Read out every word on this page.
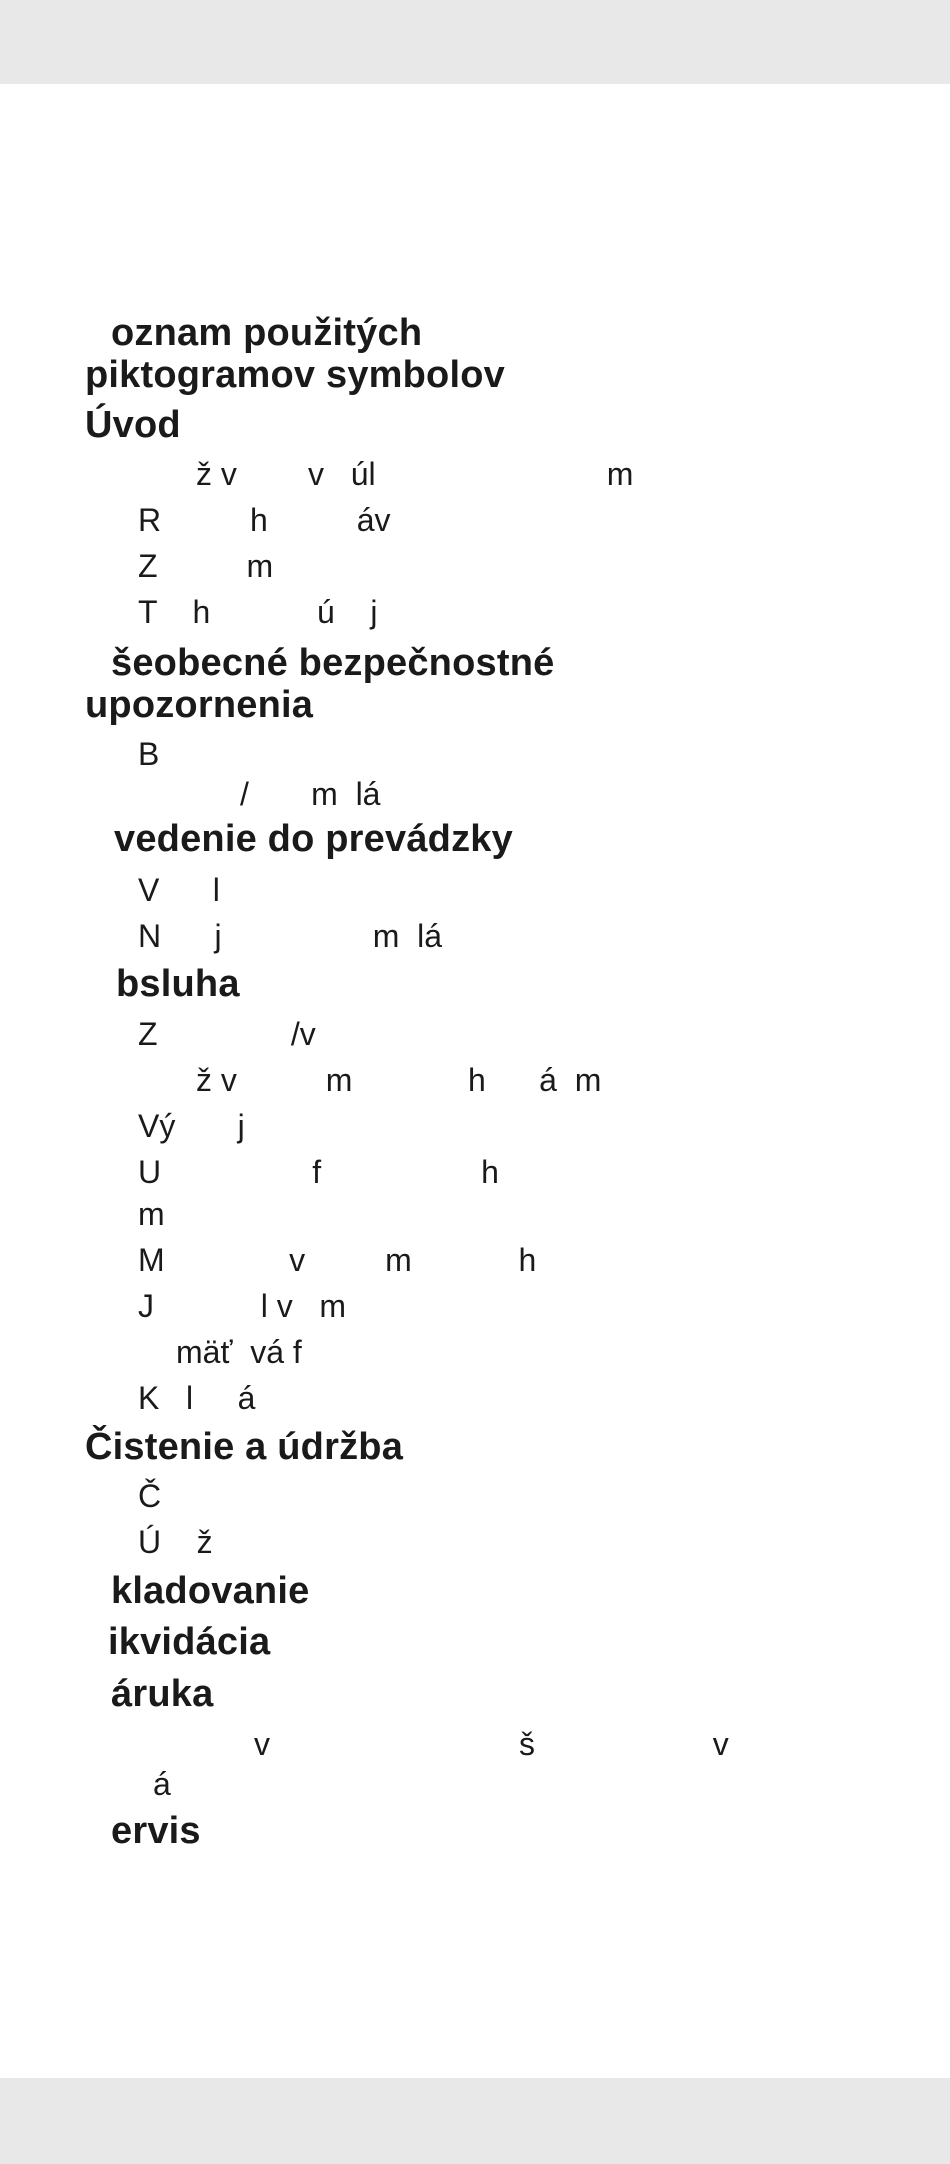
oznam použitých

piktogramov symbolov

Úvod

ž v        v   úl                          m

R          h          áv

Z          m

T    h            ú    j

šeobecné bezpečnostné

upozornenia

B

/       m  lá

vedenie do prevádzky

V      l

N      j                 m  lá

bsluha

Z               /v

ž v          m             h      á  m

Vý       j

U                 f                  h

m

M              v         m            h

J            l v   m

mäť  vá f

K   l     á

Čistenie a údržba

Č

Ú    ž

kladovanie

ikvidácia

áruka

v                            š                    v

á

ervis
